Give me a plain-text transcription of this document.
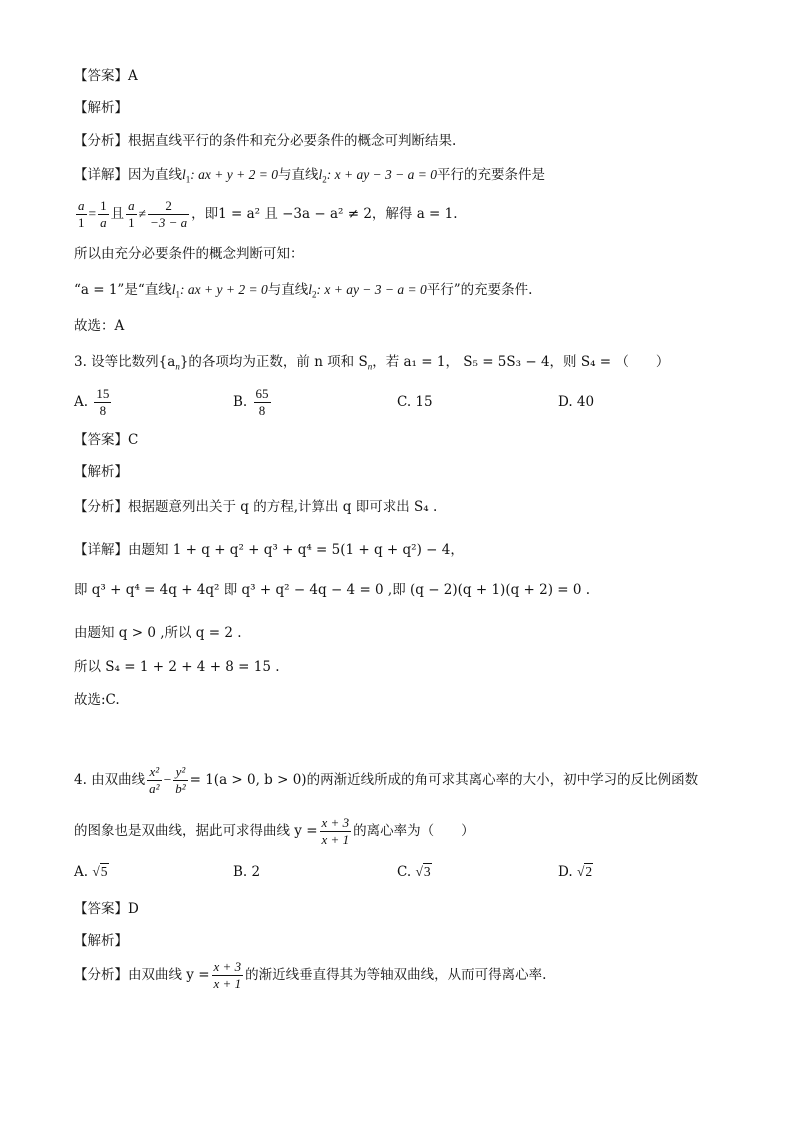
【答案】A
【解析】
【分析】根据直线平行的条件和充分必要条件的概念可判断结果.
【详解】因为直线$l_1$: ax + y + 2 = 0与直线$l_2$: x + ay − 3 − a = 0平行的充要条件是
$\frac{a}{1} = \frac{1}{a}$ 且 $\frac{a}{1} \ne \frac{2}{-3 - a}$ ，即1 = a² 且 −3a − a² ≠ 2，解得 a = 1.
所以由充分必要条件的概念判断可知：
“a = 1”是“直线$l_1$: ax + y + 2 = 0与直线$l_2$: x + ay − 3 − a = 0平行”的充要条件.
故选：A
3. 设等比数列$\{a_n\}$的各项均为正数，前 n 项和 $S_n$，若 a₁ = 1， S₅ = 5S₃ − 4，则 S₄ = （　　）
A. $\frac{15}{8}$	B. $\frac{65}{8}$	C. 15	D. 40
【答案】C
【解析】
【分析】根据题意列出关于 q 的方程,计算出 q 即可求出 S₄ .
【详解】由题知 1 + q + q² + q³ + q⁴ = 5(1 + q + q²) − 4，
即 q³ + q⁴ = 4q + 4q² 即 q³ + q² − 4q − 4 = 0 ,即 (q − 2)(q + 1)(q + 2) = 0 .
由题知 q > 0 ,所以 q = 2 .
所以 S₄ = 1 + 2 + 4 + 8 = 15 .
故选:C.
4. 由双曲线 $\frac{\text{x²}}{\text{a²}} - \frac{\text{y²}}{\text{b²}} = 1(a > 0$, b > 0)的两渐近线所成的角可求其离心率的大小，初中学习的反比例函数
的图象也是双曲线，据此可求得曲线 $y = \frac{x + 3}{x + 1}$ 的离心率为（　　）
A. √5	B. 2	C. √3	D. √2
【答案】D
【解析】
【分析】由双曲线 $y = \frac{x + 3}{x + 1}$ 的渐近线垂直得其为等轴双曲线，从而可得离心率.
